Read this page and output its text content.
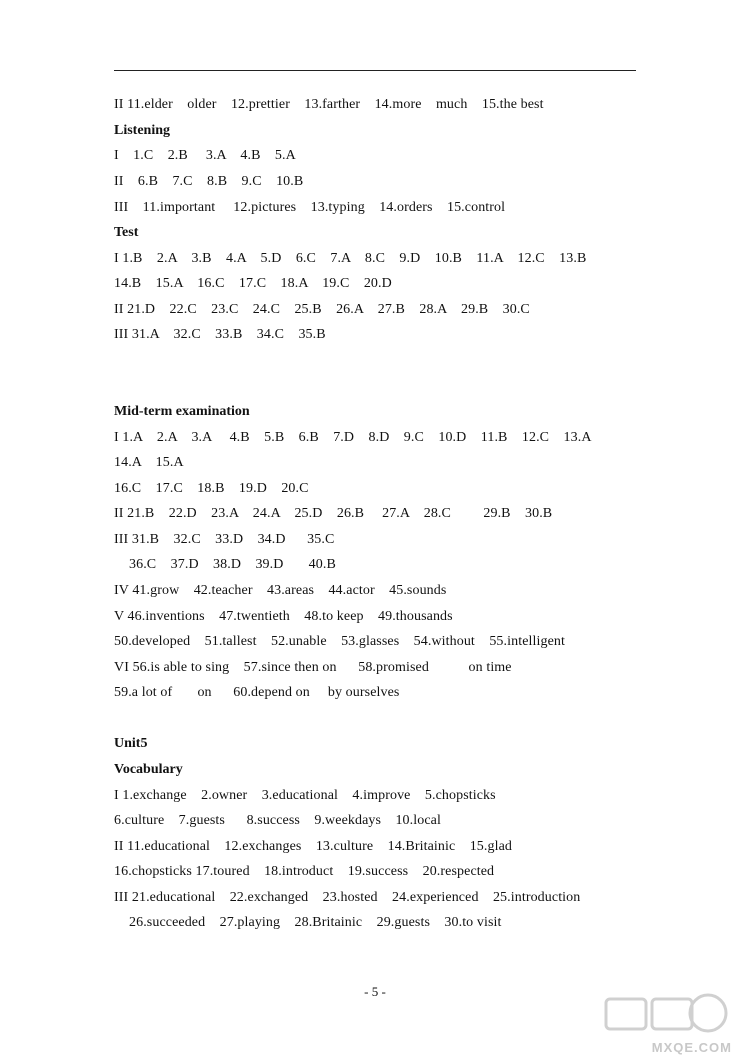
II 11.elder    older    12.prettier    13.farther    14.more    much    15.the best
Listening
I    1.C    2.B     3.A    4.B    5.A
II    6.B    7.C    8.B    9.C    10.B
III    11.important     12.pictures    13.typing    14.orders    15.control
Test
I 1.B    2.A    3.B    4.A    5.D    6.C    7.A    8.C    9.D    10.B    11.A    12.C    13.B
14.B    15.A    16.C    17.C    18.A    19.C    20.D
II 21.D    22.C    23.C    24.C    25.B    26.A    27.B    28.A    29.B    30.C
III 31.A    32.C    33.B    34.C    35.B
Mid-term examination
I 1.A    2.A    3.A     4.B    5.B    6.B    7.D    8.D    9.C    10.D    11.B    12.C    13.A
14.A    15.A
16.C    17.C    18.B    19.D    20.C
II 21.B    22.D    23.A    24.A    25.D    26.B     27.A    28.C         29.B    30.B
III 31.B    32.C    33.D    34.D      35.C
36.C    37.D    38.D    39.D       40.B
IV 41.grow    42.teacher    43.areas    44.actor    45.sounds
V 46.inventions    47.twentieth    48.to keep    49.thousands
50.developed    51.tallest    52.unable    53.glasses    54.without    55.intelligent
VI 56.is able to sing    57.since then on      58.promised           on time
59.a lot of       on      60.depend on     by ourselves
Unit5
Vocabulary
I 1.exchange    2.owner    3.educational    4.improve    5.chopsticks
6.culture    7.guests      8.success    9.weekdays    10.local
II 11.educational    12.exchanges    13.culture    14.Britainic    15.glad
16.chopsticks 17.toured    18.introduct    19.success    20.respected
III 21.educational    22.exchanged    23.hosted    24.experienced    25.introduction
26.succeeded    27.playing    28.Britainic    29.guests    30.to visit
- 5 -
MXQE.COM
